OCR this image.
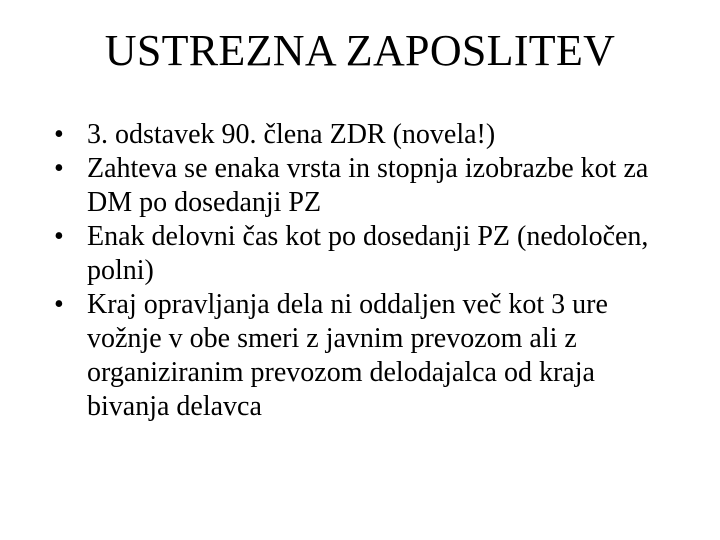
USTREZNA ZAPOSLITEV
• 3. odstavek 90. člena ZDR (novela!)
• Zahteva se enaka vrsta in stopnja izobrazbe kot za DM po dosedanji PZ
• Enak delovni čas kot po dosedanji PZ (nedoločen, polni)
• Kraj opravljanja dela ni oddaljen več kot 3 ure vožnje v obe smeri z javnim prevozom ali z organiziranim prevozom delodajalca od kraja bivanja delavca
